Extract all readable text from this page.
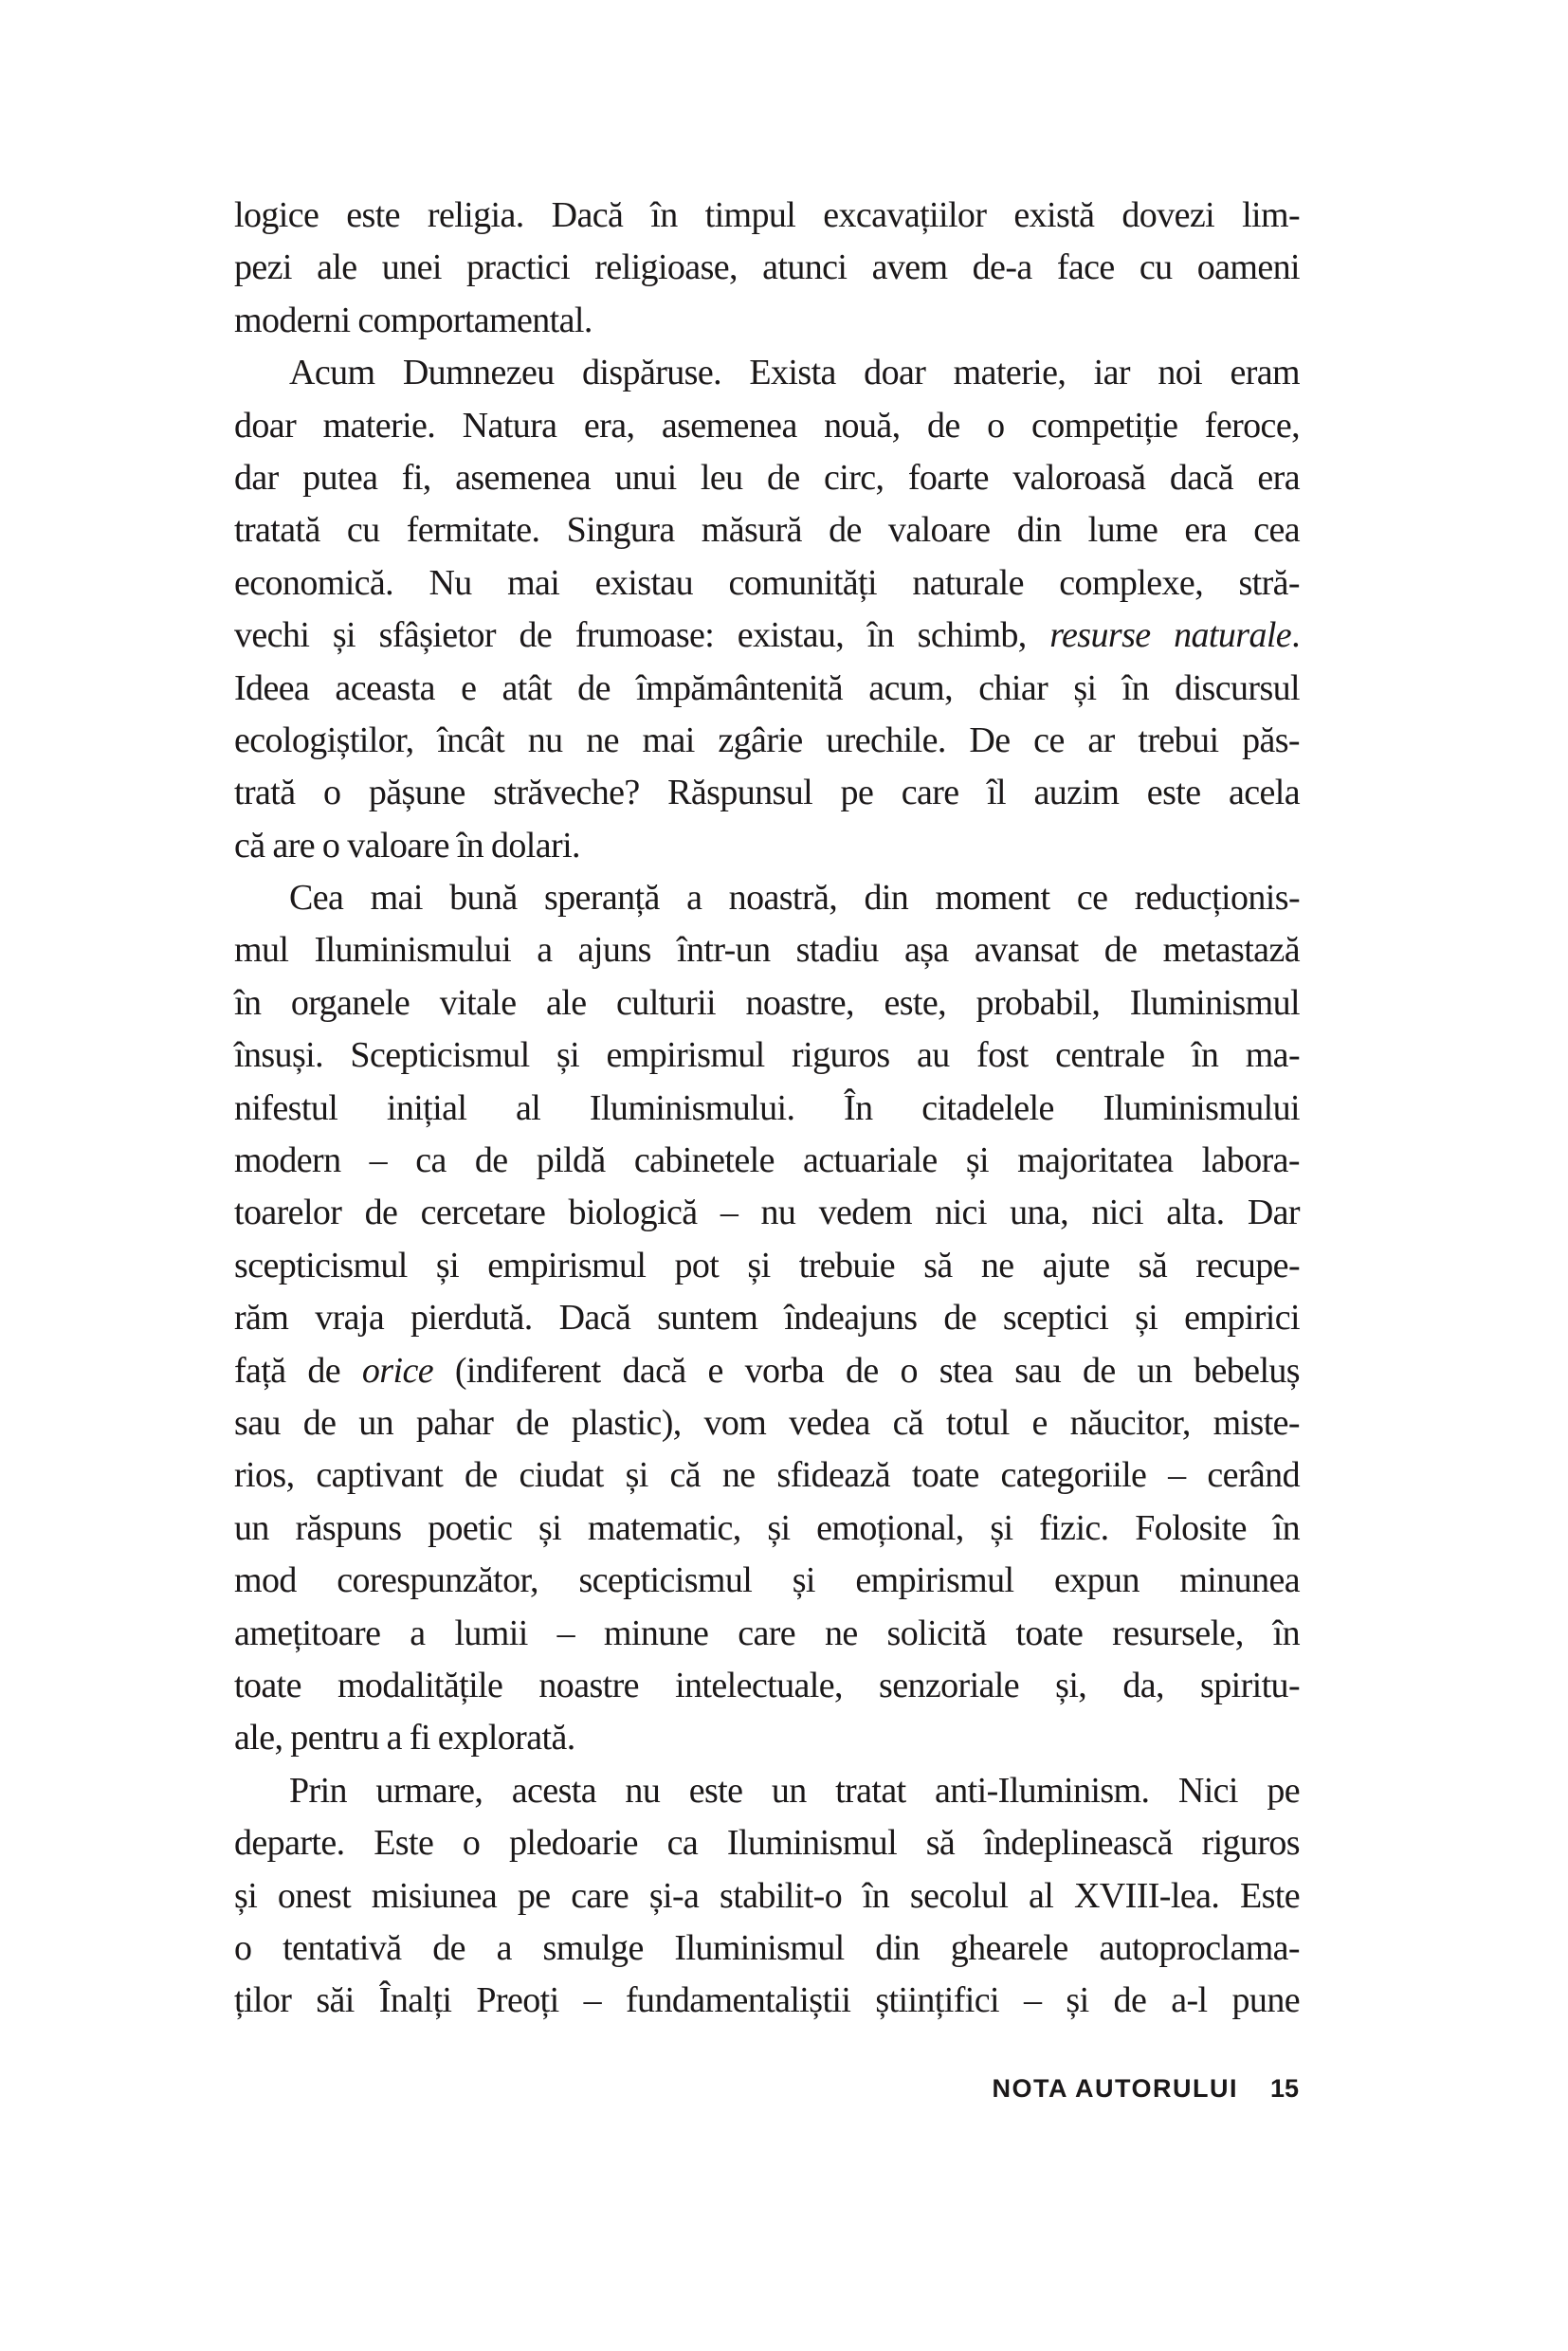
logice este religia. Dacă în timpul excavațiilor există dovezi lim-
pezi ale unei practici religioase, atunci avem de-a face cu oameni
moderni comportamental.
Acum Dumnezeu dispăruse. Exista doar materie, iar noi eram
doar materie. Natura era, asemenea nouă, de o competiție feroce,
dar putea fi, asemenea unui leu de circ, foarte valoroasă dacă era
tratată cu fermitate. Singura măsură de valoare din lume era cea
economică. Nu mai existau comunități naturale complexe, stră-
vechi și sfâșietor de frumoase: existau, în schimb, resurse naturale.
Ideea aceasta e atât de împământenită acum, chiar și în discursul
ecologiștilor, încât nu ne mai zgârie urechile. De ce ar trebui păs-
trată o pășune străveche? Răspunsul pe care îl auzim este acela
că are o valoare în dolari.
Cea mai bună speranță a noastră, din moment ce reducționis-
mul Iluminismului a ajuns într-un stadiu așa avansat de metastază
în organele vitale ale culturii noastre, este, probabil, Iluminismul
însuși. Scepticismul și empirismul riguros au fost centrale în ma-
nifestul inițial al Iluminismului. În citadelele Iluminismului
modern – ca de pildă cabinetele actuariale și majoritatea labora-
toarelor de cercetare biologică – nu vedem nici una, nici alta. Dar
scepticismul și empirismul pot și trebuie să ne ajute să recupe-
răm vraja pierdută. Dacă suntem îndeajuns de sceptici și empirici
față de orice (indiferent dacă e vorba de o stea sau de un bebeluș
sau de un pahar de plastic), vom vedea că totul e năucitor, miste-
rios, captivant de ciudat și că ne sfidează toate categoriile – cerând
un răspuns poetic și matematic, și emoțional, și fizic. Folosite în
mod corespunzător, scepticismul și empirismul expun minunea
amețitoare a lumii – minune care ne solicită toate resursele, în
toate modalitățile noastre intelectuale, senzoriale și, da, spiritu-
ale, pentru a fi explorată.
Prin urmare, acesta nu este un tratat anti-Iluminism. Nici pe
departe. Este o pledoarie ca Iluminismul să îndeplinească riguros
și onest misiunea pe care și-a stabilit-o în secolul al XVIII-lea. Este
o tentativă de a smulge Iluminismul din ghearele autoproclama-
ților săi Înalți Preoți – fundamentaliștii științifici – și de a-l pune
NOTA AUTORULUI 15
